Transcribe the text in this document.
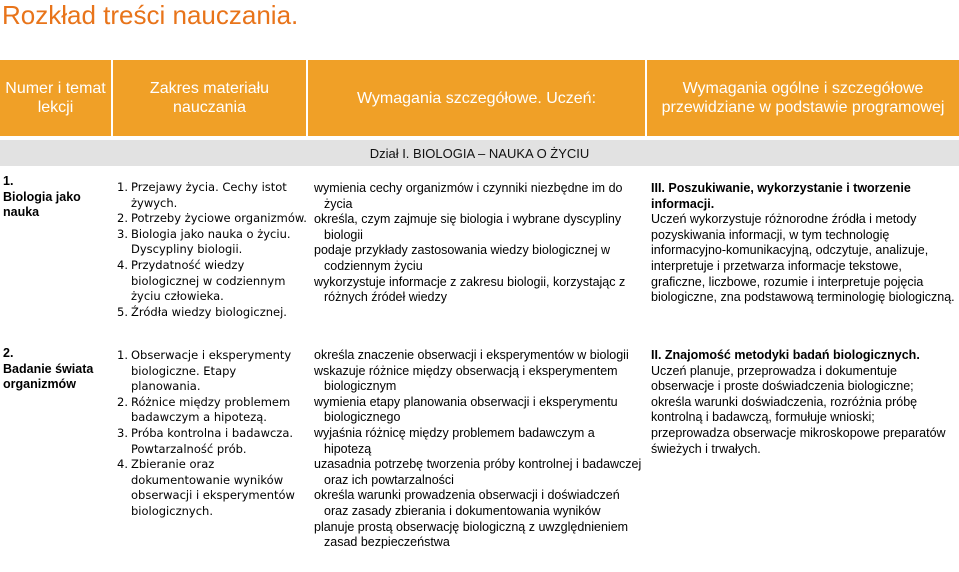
Rozkład treści nauczania.
Numer i temat lekcji
Zakres materiału nauczania
Wymagania szczegółowe. Uczeń:
Wymagania ogólne i szczegółowe przewidziane w podstawie programowej
Dział I. BIOLOGIA – NAUKA O ŻYCIU
1.
Biologia jako
nauka
1. Przejawy życia. Cechy istot żywych.
2. Potrzeby życiowe organizmów.
3. Biologia jako nauka o życiu. Dyscypliny biologii.
4. Przydatność wiedzy biologicznej w codziennym życiu człowieka.
5. Źródła wiedzy biologicznej.
wymienia cechy organizmów i czynniki niezbędne im do życia
określa, czym zajmuje się biologia i wybrane dyscypliny biologii
podaje przykłady zastosowania wiedzy biologicznej w codziennym życiu
wykorzystuje informacje z zakresu biologii, korzystając z różnych źródeł wiedzy
III. Poszukiwanie, wykorzystanie i tworzenie informacji.
Uczeń wykorzystuje różnorodne źródła i metody pozyskiwania informacji, w tym technologię informacyjno-komunikacyjną, odczytuje, analizuje, interpretuje i przetwarza informacje tekstowe, graficzne, liczbowe, rozumie i interpretuje pojęcia biologiczne, zna podstawową terminologię biologiczną.
2.
Badanie świata
organizmów
1. Obserwacje i eksperymenty biologiczne. Etapy planowania.
2. Różnice między problemem badawczym a hipotezą.
3. Próba kontrolna i badawcza. Powtarzalność prób.
4. Zbieranie oraz dokumentowanie wyników obserwacji i eksperymentów biologicznych.
określa znaczenie obserwacji i eksperymentów w biologii
wskazuje różnice między obserwacją i eksperymentem biologicznym
wymienia etapy planowania obserwacji i eksperymentu biologicznego
wyjaśnia różnicę między problemem badawczym a hipotezą
uzasadnia potrzebę tworzenia próby kontrolnej i badawczej oraz ich powtarzalności
określa warunki prowadzenia obserwacji i doświadczeń oraz zasady zbierania i dokumentowania wyników
planuje prostą obserwację biologiczną z uwzględnieniem zasad bezpieczeństwa
II. Znajomość metodyki badań biologicznych.
Uczeń planuje, przeprowadza i dokumentuje obserwacje i proste doświadczenia biologiczne; określa warunki doświadczenia, rozróżnia próbę kontrolną i badawczą, formułuje wnioski; przeprowadza obserwacje mikroskopowe preparatów świeżych i trwałych.
